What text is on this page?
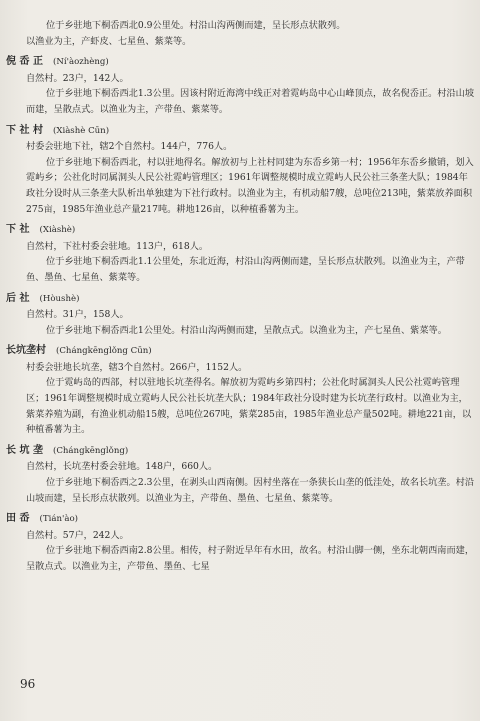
位于乡驻地下桐岙西北0.9公里处。村沿山沟两侧而建，呈长形点状散列。
以渔业为主，产虾皮、七星鱼、紫菜等。
倪 岙 正 (Ní'àozhèng)
自然村。23户，142人。
位于乡驻地下桐岙西北1.3公里。因该村附近海湾中线正对着霓屿岛中心山峰顶点，故名倪岙正。村沿山坡而建，呈散点式。以渔业为主，产带鱼、紫菜等。
下 社 村 (Xiàshè Cūn)
村委会驻地下社，辖2个自然村。144户，776人。
位于乡驻地下桐岙西北，村以驻地得名。解放初与上社村同建为东岙乡第一村；1956年东岙乡撤销，划入霓屿乡；公社化时同属洞头人民公社霓屿管理区；1961年调整规模时成立霓屿人民公社三条垄大队；1984年政社分设时从三条垄大队析出单独建为下社行政村。以渔业为主，有机动船7艘，总吨位213吨，紫菜放养面积275亩，1985年渔业总产量217吨。耕地126亩，以种植番薯为主。
下 社 (Xiàshè)
自然村，下社村委会驻地。113户，618人。
位于乡驻地下桐岙西北1.1公里处，东北近海，村沿山沟两侧而建，呈长形点状散列。以渔业为主，产带鱼、墨鱼、七星鱼、紫菜等。
后 社 (Hòushè)
自然村。31户，158人。
位于乡驻地下桐岙西北1公里处。村沿山沟两侧而建，呈散点式。以渔业为主，产七星鱼、紫菜等。
长坑垄村 (Chángkēnglǒng Cūn)
村委会驻地长坑垄，辖3个自然村。266户，1152人。
位于霓屿岛的西部，村以驻地长坑垄得名。解放初为霓屿乡第四村；公社化时属洞头人民公社霓屿管理区；1961年调整规模时成立霓屿人民公社长坑垄大队；1984年政社分设时建为长坑垄行政村。以渔业为主，紫菜养殖为副，有渔业机动船15艘，总吨位267吨，紫菜285亩，1985年渔业总产量502吨。耕地221亩，以种植番薯为主。
长 坑 垄 (Chángkēnglǒng)
自然村，长坑垄村委会驻地。148户，660人。
位于乡驻地下桐岙西之2.3公里，在剥头山西南侧。因村坐落在一条狭长山垄的低洼处，故名长坑垄。村沿山坡而建，呈长形点状散列。以渔业为主，产带鱼、墨鱼、七星鱼、紫菜等。
田 岙 (Tián'ào)
自然村。57户，242人。
位于乡驻地下桐岙西南2.8公里。相传，村子附近早年有水田，故名。村沿山脚一侧，坐东北朝西南而建，呈散点式。以渔业为主，产带鱼、墨鱼、七星
96
